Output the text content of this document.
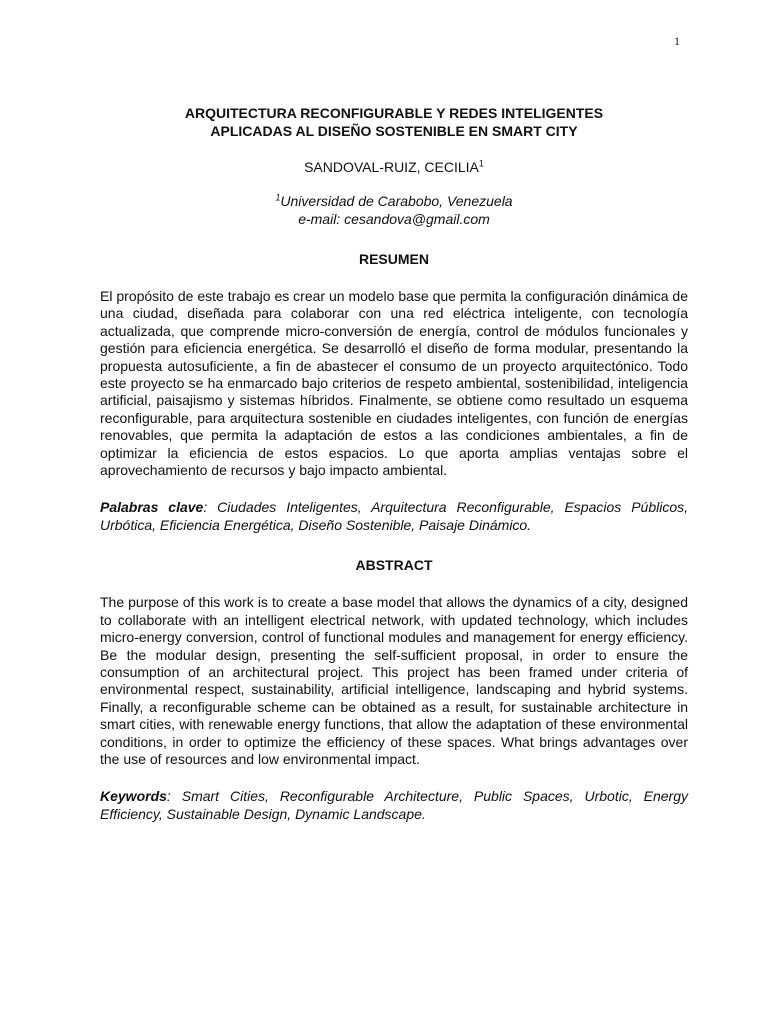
1
ARQUITECTURA RECONFIGURABLE Y REDES INTELIGENTES
APLICADAS AL DISEÑO SOSTENIBLE EN SMART CITY
SANDOVAL-RUIZ, CECILIA$^1$
$^1$Universidad de Carabobo, Venezuela
e-mail: cesandova@gmail.com
RESUMEN

El propósito de este trabajo es crear un modelo base que permita la configuración dinámica de una ciudad, diseñada para colaborar con una red eléctrica inteligente, con tecnología actualizada, que comprende micro-conversión de energía, control de módulos funcionales y gestión para eficiencia energética. Se desarrolló el diseño de forma modular, presentando la propuesta autosuficiente, a fin de abastecer el consumo de un proyecto arquitectónico. Todo este proyecto se ha enmarcado bajo criterios de respeto ambiental, sostenibilidad, inteligencia artificial, paisajismo y sistemas híbridos. Finalmente, se obtiene como resultado un esquema reconfigurable, para arquitectura sostenible en ciudades inteligentes, con función de energías renovables, que permita la adaptación de estos a las condiciones ambientales, a fin de optimizar la eficiencia de estos espacios. Lo que aporta amplias ventajas sobre el aprovechamiento de recursos y bajo impacto ambiental.

Palabras clave: Ciudades Inteligentes, Arquitectura Reconfigurable, Espacios Públicos, Urbótica, Eficiencia Energética, Diseño Sostenible, Paisaje Dinámico.
ABSTRACT

The purpose of this work is to create a base model that allows the dynamics of a city, designed to collaborate with an intelligent electrical network, with updated technology, which includes micro-energy conversion, control of functional modules and management for energy efficiency. Be the modular design, presenting the self-sufficient proposal, in order to ensure the consumption of an architectural project. This project has been framed under criteria of environmental respect, sustainability, artificial intelligence, landscaping and hybrid systems. Finally, a reconfigurable scheme can be obtained as a result, for sustainable architecture in smart cities, with renewable energy functions, that allow the adaptation of these environmental conditions, in order to optimize the efficiency of these spaces. What brings advantages over the use of resources and low environmental impact.

Keywords: Smart Cities, Reconfigurable Architecture, Public Spaces, Urbotic, Energy Efficiency, Sustainable Design, Dynamic Landscape.
